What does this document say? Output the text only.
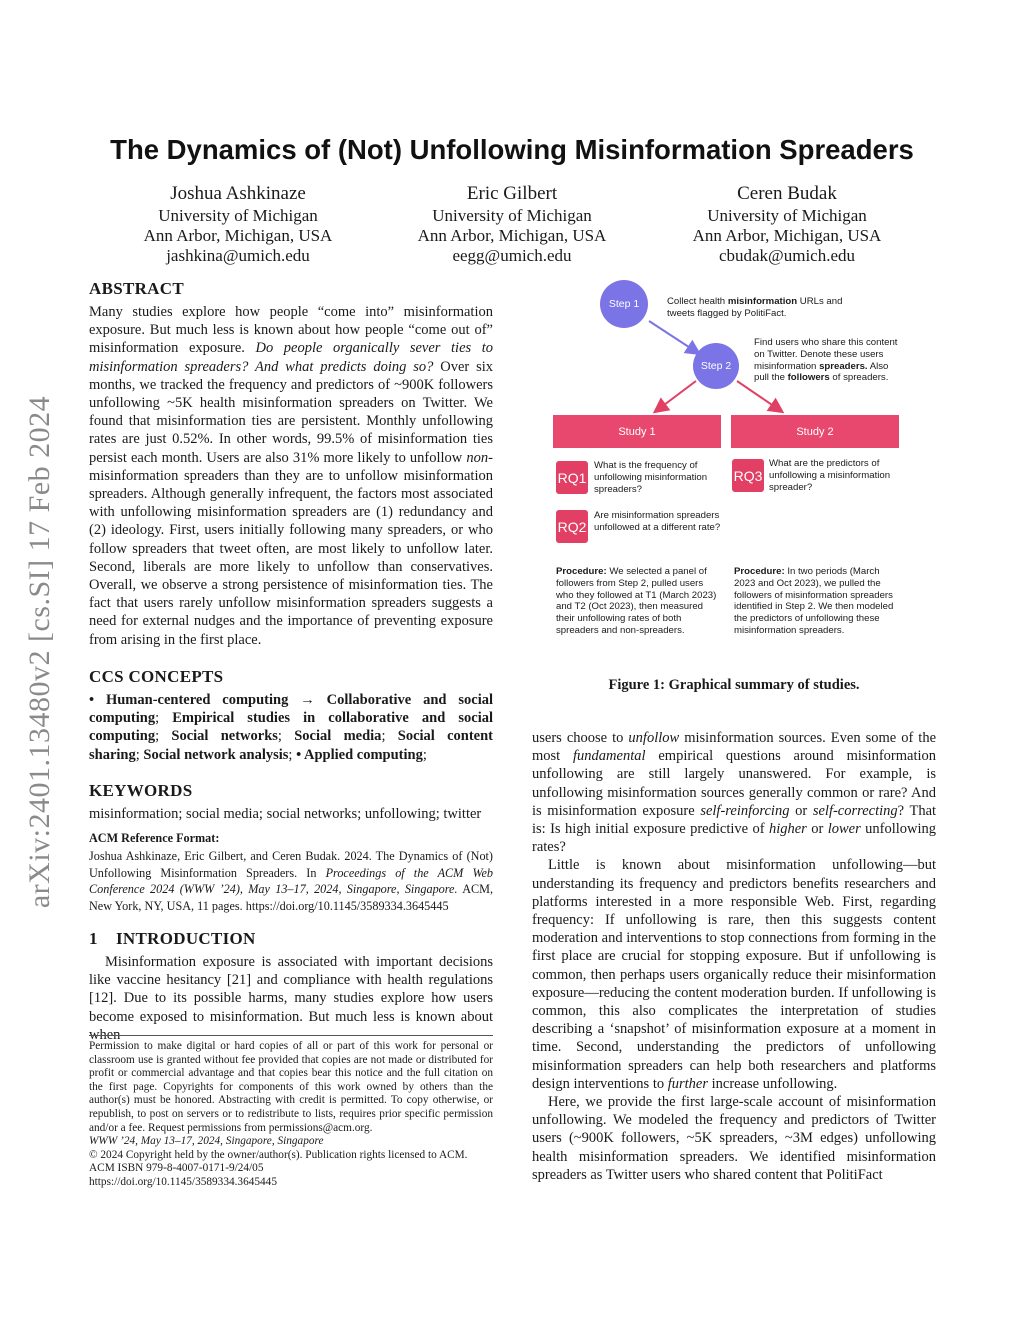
arXiv:2401.13480v2 [cs.SI] 17 Feb 2024
The Dynamics of (Not) Unfollowing Misinformation Spreaders
Joshua Ashkinaze
University of Michigan
Ann Arbor, Michigan, USA
jashkina@umich.edu
Eric Gilbert
University of Michigan
Ann Arbor, Michigan, USA
eegg@umich.edu
Ceren Budak
University of Michigan
Ann Arbor, Michigan, USA
cbudak@umich.edu
ABSTRACT

Many studies explore how people “come into” misinformation exposure. But much less is known about how people “come out of” misinformation exposure. Do people organically sever ties to misinformation spreaders? And what predicts doing so? Over six months, we tracked the frequency and predictors of ~900K followers unfollowing ~5K health misinformation spreaders on Twitter. We found that misinformation ties are persistent. Monthly unfollowing rates are just 0.52%. In other words, 99.5% of misinformation ties persist each month. Users are also 31% more likely to unfollow non-misinformation spreaders than they are to unfollow misinformation spreaders. Although generally infrequent, the factors most associated with unfollowing misinformation spreaders are (1) redundancy and (2) ideology. First, users initially following many spreaders, or who follow spreaders that tweet often, are most likely to unfollow later. Second, liberals are more likely to unfollow than conservatives. Overall, we observe a strong persistence of misinformation ties. The fact that users rarely unfollow misinformation spreaders suggests a need for external nudges and the importance of preventing exposure from arising in the first place.

CCS CONCEPTS

• Human-centered computing → Collaborative and social computing; Empirical studies in collaborative and social computing; Social networks; Social media; Social content sharing; Social network analysis; • Applied computing;

KEYWORDS

misinformation; social media; social networks; unfollowing; twitter

ACM Reference Format:

Joshua Ashkinaze, Eric Gilbert, and Ceren Budak. 2024. The Dynamics of (Not) Unfollowing Misinformation Spreaders. In Proceedings of the ACM Web Conference 2024 (WWW ’24), May 13–17, 2024, Singapore, Singapore. ACM, New York, NY, USA, 11 pages. https://doi.org/10.1145/3589334.3645445

1 INTRODUCTION

Misinformation exposure is associated with important decisions like vaccine hesitancy [21] and compliance with health regulations [12]. Due to its possible harms, many studies explore how users become exposed to misinformation. But much less is known about when

Permission to make digital or hard copies of all or part of this work for personal or classroom use is granted without fee provided that copies are not made or distributed for profit or commercial advantage and that copies bear this notice and the full citation on the first page. Copyrights for components of this work owned by others than the author(s) must be honored. Abstracting with credit is permitted. To copy otherwise, or republish, to post on servers or to redistribute to lists, requires prior specific permission and/or a fee. Request permissions from permissions@acm.org.
WWW ’24, May 13–17, 2024, Singapore, Singapore
© 2024 Copyright held by the owner/author(s). Publication rights licensed to ACM.
ACM ISBN 979-8-4007-0171-9/24/05
https://doi.org/10.1145/3589334.3645445
Step 1	Collect health misinformation URLs and tweets flagged by PolitiFact.
Step 2
Find users who share this content on Twitter. Denote these users misinformation spreaders. Also pull the followers of spreaders.
Study 1	Study 2
RQ1
What is the frequency of unfollowing misinformation spreaders?
RQ2
Are misinformation spreaders unfollowed at a different rate?
RQ3
What are the predictors of unfollowing a misinformation spreader?
Procedure: We selected a panel of followers from Step 2, pulled users who they followed at T1 (March 2023) and T2 (Oct 2023), then measured their unfollowing rates of both spreaders and non-spreaders.
Procedure: In two periods (March 2023 and Oct 2023), we pulled the followers of misinformation spreaders identified in Step 2. We then modeled the predictors of unfollowing these misinformation spreaders.
Figure 1: Graphical summary of studies.

users choose to unfollow misinformation sources. Even some of the most fundamental empirical questions around misinformation unfollowing are still largely unanswered. For example, is unfollowing misinformation sources generally common or rare? And is misinformation exposure self-reinforcing or self-correcting? That is: Is high initial exposure predictive of higher or lower unfollowing rates?

Little is known about misinformation unfollowing—but understanding its frequency and predictors benefits researchers and platforms interested in a more responsible Web. First, regarding frequency: If unfollowing is rare, then this suggests content moderation and interventions to stop connections from forming in the first place are crucial for stopping exposure. But if unfollowing is common, then perhaps users organically reduce their misinformation exposure—reducing the content moderation burden. If unfollowing is common, this also complicates the interpretation of studies describing a ‘snapshot’ of misinformation exposure at a moment in time. Second, understanding the predictors of unfollowing misinformation spreaders can help both researchers and platforms design interventions to further increase unfollowing.

Here, we provide the first large-scale account of misinformation unfollowing. We modeled the frequency and predictors of Twitter users (~900K followers, ~5K spreaders, ~3M edges) unfollowing health misinformation spreaders. We identified misinformation spreaders as Twitter users who shared content that PolitiFact
